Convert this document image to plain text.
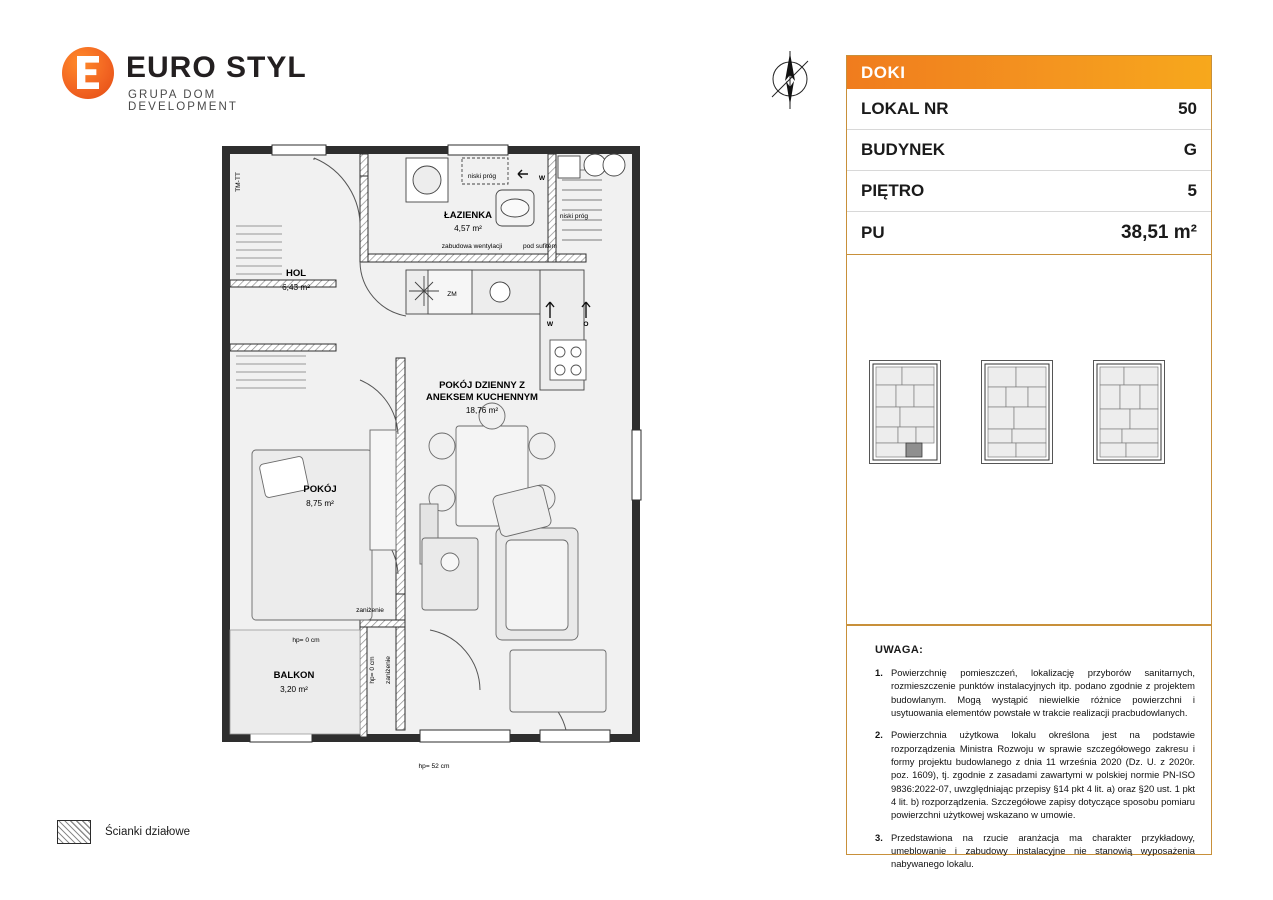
EURO STYL
GRUPA DOM DEVELOPMENT
DOKI
LOKAL NR	50
BUDYNEK	G
PIĘTRO	5
PU	38,51 m²
UWAGA:
1. Powierzchnię pomieszczeń, lokalizację przyborów sanitarnych, rozmieszczenie punktów instalacyjnych itp. podano zgodnie z projektem budowlanym. Mogą wystąpić niewielkie różnice powierzchni i usytuowania elementów powstałe w trakcie realizacji pracbudowlanych.
2. Powierzchnia użytkowa lokalu określona jest na podstawie rozporządzenia Ministra Rozwoju w sprawie szczegółowego zakresu i formy projektu budowlanego z dnia 11 września 2020 (Dz. U. z 2020r. poz. 1609), tj. zgodnie z zasadami zawartymi w polskiej normie PN-ISO 9836:2022-07, uwzględniając przepisy §14 pkt 4 lit. a) oraz §20 ust. 1 pkt 4 lit. b) rozporządzenia. Szczegółowe zapisy dotyczące sposobu pomiaru powierzchni użytkowej wskazano w umowie.
3. Przedstawiona na rzucie aranżacja ma charakter przykładowy, umeblowanie i zabudowy instalacyjne nie stanowią wyposażenia nabywanego lokalu.
Ścianki działowe
HOL
6,43 m²
ŁAZIENKA
4,57 m²
POKÓJ DZIENNY Z
ANEKSEM KUCHENNYM
18,76 m²
POKÓJ
8,75 m²
BALKON
3,20 m²
TM-TT	niski próg
niski próg
zabudowa wentylacji	pod sufitem
ZM
W
W	O
zaniżenie
zaniżenie
hp= 0 cm
hp= 0 cm
hp= 52 cm
